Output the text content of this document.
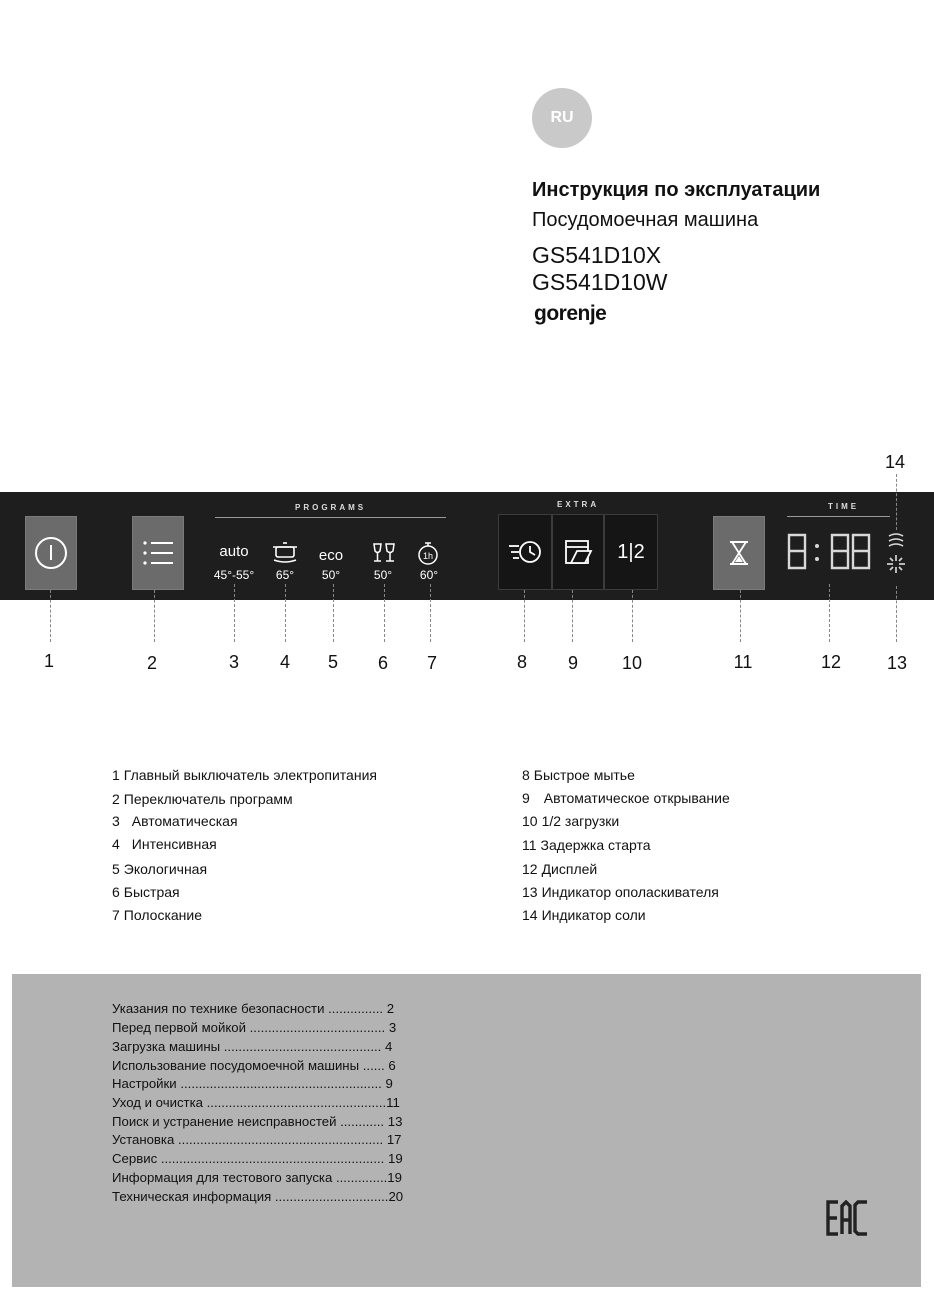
RU
Инструкция по эксплуатации
Посудомоечная машина
GS541D10X
GS541D10W
gorenje
PROGRAMS	EXTRA	TIME
auto
45°-55°	65°
eco
50°	50°
1h
60°
1|2
1	2	3 4 5 6 7	8 9 10	11	12	13
14
1 Главный выключатель электропитания
2 Переключатель программ
3 Автоматическая
4 Интенсивная
5 Экологичная
6 Быстрая
7 Полоскание
8 Быстрое мытье
9 Автоматическое открывание
10 1/2 загрузки
11 Задержка старта
12 Дисплей
13 Индикатор ополаскивателя
14 Индикатор соли
Указания по технике безопасности ............... 2
Перед первой мойкой ..................................... 3
Загрузка машины ........................................... 4
Использование посудомоечной машины ...... 6
Настройки ....................................................... 9
Уход и очистка .................................................11
Поиск и устранение неисправностей ............ 13
Установка ........................................................ 17
Сервис ............................................................. 19
Информация для тестового запуска ..............19
Техническая информация ...............................20
